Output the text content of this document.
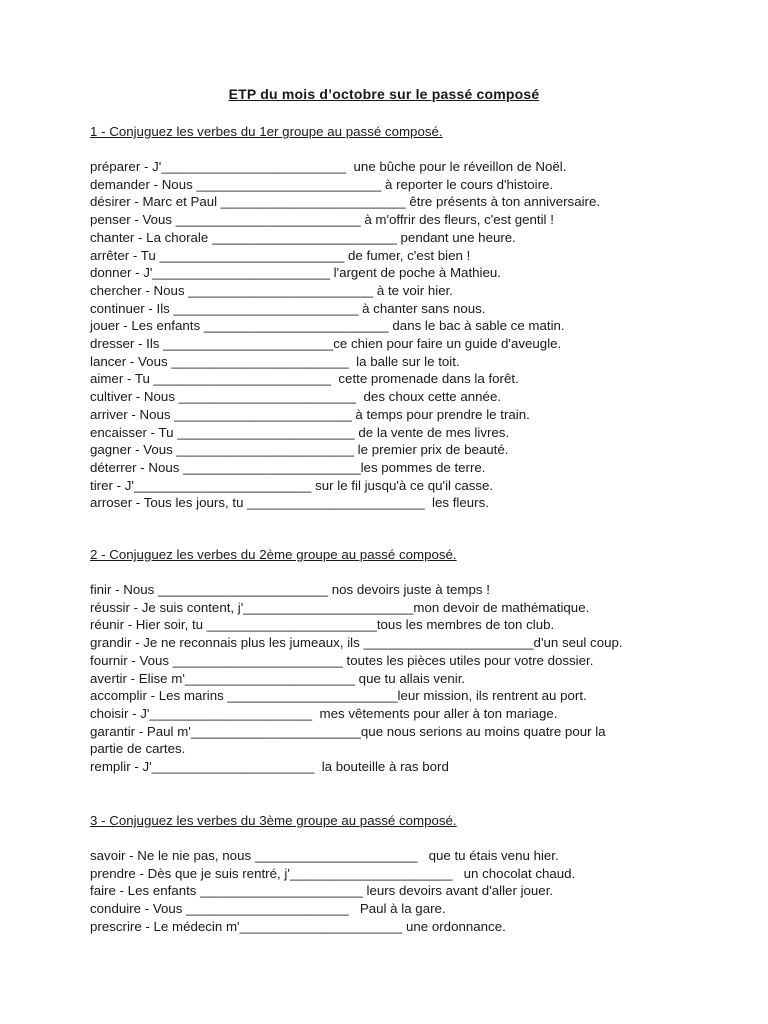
ETP du mois d’octobre sur le passé composé
1 - Conjuguez les verbes du 1er groupe au passé composé.
préparer - J'_________________________  une bûche pour le réveillon de Noël.
demander - Nous _________________________ à reporter le cours d'histoire.
désirer - Marc et Paul _________________________ être présents à ton anniversaire.
penser - Vous _________________________ à m'offrir des fleurs, c'est gentil !
chanter - La chorale _________________________ pendant une heure.
arrêter - Tu _________________________ de fumer, c'est bien !
donner - J'________________________ l'argent de poche à Mathieu.
chercher - Nous _________________________ à te voir hier.
continuer - Ils _________________________ à chanter sans nous.
jouer - Les enfants _________________________ dans le bac à sable ce matin.
dresser - Ils _______________________ce chien pour faire un guide d'aveugle.
lancer - Vous ________________________  la balle sur le toit.
aimer - Tu ________________________  cette promenade dans la forêt.
cultiver - Nous ________________________  des choux cette année.
arriver - Nous ________________________ à temps pour prendre le train.
encaisser - Tu ________________________ de la vente de mes livres.
gagner - Vous ________________________ le premier prix de beauté.
déterrer - Nous ________________________les pommes de terre.
tirer - J'________________________ sur le fil jusqu'à ce qu'il casse.
arroser - Tous les jours, tu ________________________  les fleurs.
2 - Conjuguez les verbes du 2ème groupe au passé composé.
finir - Nous _______________________ nos devoirs juste à temps !
réussir - Je suis content, j'_______________________mon devoir de mathématique.
réunir - Hier soir, tu _______________________tous les membres de ton club.
grandir - Je ne reconnais plus les jumeaux, ils _______________________d'un seul coup.
fournir - Vous _______________________ toutes les pièces utiles pour votre dossier.
avertir - Elise m'_______________________ que tu allais venir.
accomplir - Les marins _______________________leur mission, ils rentrent au port.
choisir - J'______________________  mes vêtements pour aller à ton mariage.
garantir - Paul m'_______________________que nous serions au moins quatre pour la
partie de cartes.
remplir - J'______________________  la bouteille à ras bord
3 - Conjuguez les verbes du 3ème groupe au passé composé.
savoir - Ne le nie pas, nous ______________________   que tu étais venu hier.
prendre - Dès que je suis rentré, j'______________________   un chocolat chaud.
faire - Les enfants ______________________ leurs devoirs avant d'aller jouer.
conduire - Vous ______________________   Paul à la gare.
prescrire - Le médecin m'______________________ une ordonnance.
